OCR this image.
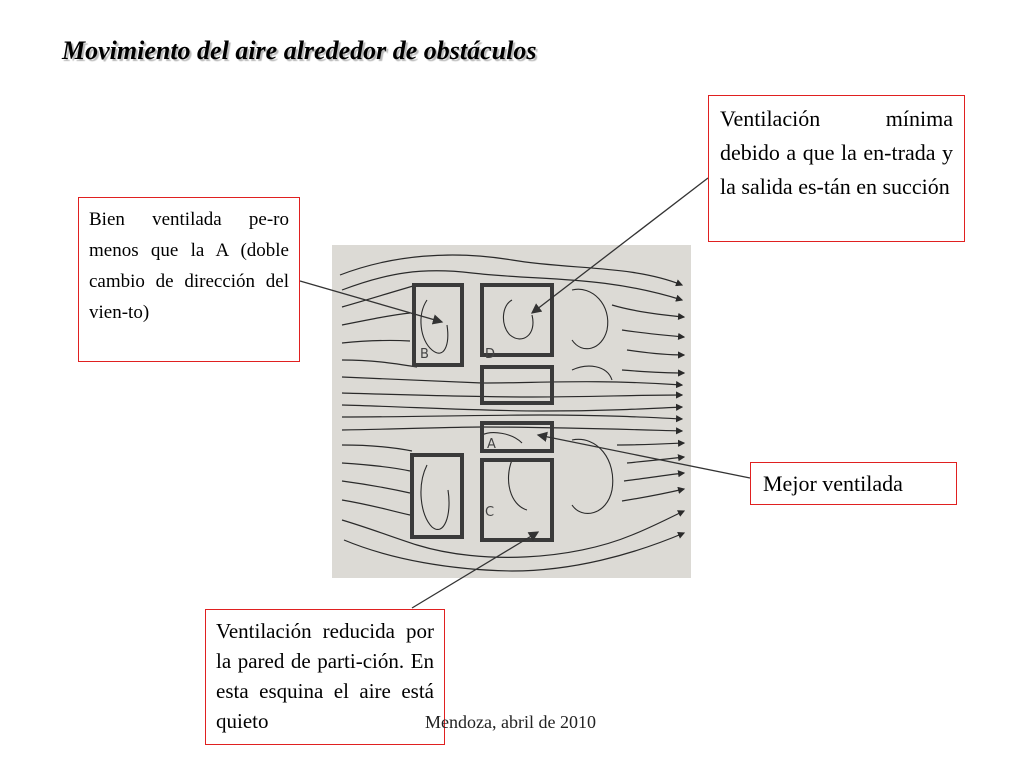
Movimiento del aire alrededor de obstáculos
B	D
A
C
Bien ventilada pe-ro menos que la A (doble cambio de dirección del vien-to)
Ventilación mínima debido a que la en-trada y la salida es-tán en succión
Mejor ventilada
Ventilación reducida por la pared de parti-ción. En esta esquina el aire está quieto	Mendoza, abril de 2010
